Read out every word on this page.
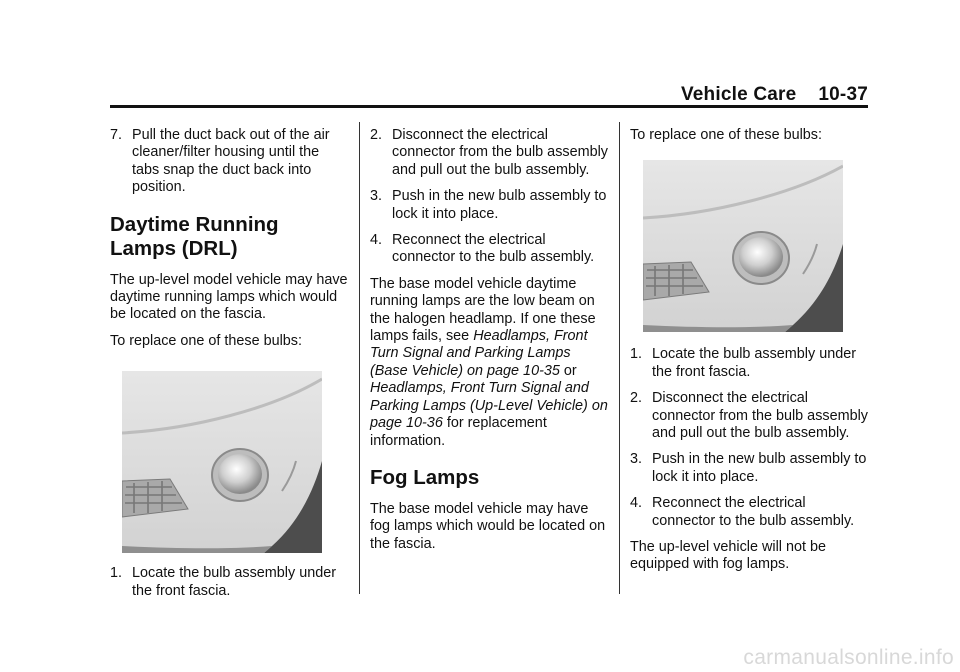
Vehicle Care 10-37
7. Pull the duct back out of the air cleaner/filter housing until the tabs snap the duct back into position.
Daytime Running
Lamps (DRL)

The up-level model vehicle may have daytime running lamps which would be located on the fascia.

To replace one of these bulbs:

1. Locate the bulb assembly under the front fascia.
2. Disconnect the electrical connector from the bulb assembly and pull out the bulb assembly.
3. Push in the new bulb assembly to lock it into place.
4. Reconnect the electrical connector to the bulb assembly.

The base model vehicle daytime running lamps are the low beam on the halogen headlamp. If one these lamps fails, see Headlamps, Front Turn Signal and Parking Lamps (Base Vehicle) on page 10-35 or Headlamps, Front Turn Signal and Parking Lamps (Up-Level Vehicle) on page 10-36 for replacement information.

Fog Lamps

The base model vehicle may have fog lamps which would be located on the fascia.

To replace one of these bulbs:

1. Locate the bulb assembly under the front fascia.
2. Disconnect the electrical connector from the bulb assembly and pull out the bulb assembly.
3. Push in the new bulb assembly to lock it into place.
4. Reconnect the electrical connector to the bulb assembly.

The up-level vehicle will not be equipped with fog lamps.

carmanualsonline.info
